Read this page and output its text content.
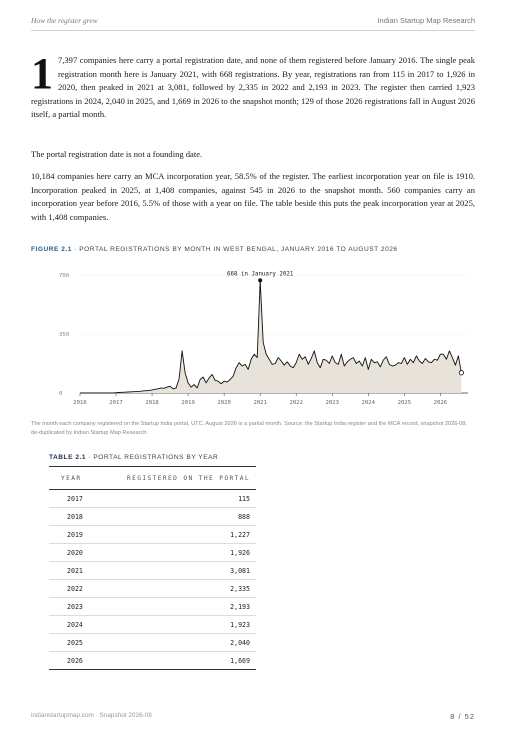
How the register grew	Indian Startup Map Research
1 7,397 companies here carry a portal registration date, and none of them registered before January 2016. The single peak registration month here is January 2021, with 668 registrations. By year, registrations ran from 115 in 2017 to 1,926 in 2020, then peaked in 2021 at 3,081, followed by 2,335 in 2022 and 2,193 in 2023. The register then carried 1,923 registrations in 2024, 2,040 in 2025, and 1,669 in 2026 to the snapshot month; 129 of those 2026 registrations fall in August 2026 itself, a partial month.
The portal registration date is not a founding date.
10,184 companies here carry an MCA incorporation year, 58.5% of the register. The earliest incorporation year on file is 1910. Incorporation peaked in 2025, at 1,408 companies, against 545 in 2026 to the snapshot month. 560 companies carry an incorporation year before 2016, 5.5% of those with a year on file. The table beside this puts the peak incorporation year at 2025, with 1,408 companies.
FIGURE 2.1 · PORTAL REGISTRATIONS BY MONTH IN WEST BENGAL, JANUARY 2016 TO AUGUST 2026
0
350
700	668 in January 2021
2016	2017	2018	2019	2020	2021	2022	2023	2024	2025	2026
The month each company registered on the Startup India portal, UTC. August 2026 is a partial month. Source: the Startup India register and the MCA record, snapshot 2026-08, de-duplicated by Indian Startup Map Research.
TABLE 2.1 · PORTAL REGISTRATIONS BY YEAR
YEAR	REGISTERED ON THE PORTAL
2017	115
2018	888
2019	1,227
2020	1,926
2021	3,081
2022	2,335
2023	2,193
2024	1,923
2025	2,040
2026	1,669
indianstartupmap.com · Snapshot 2026-08	8 / 52
